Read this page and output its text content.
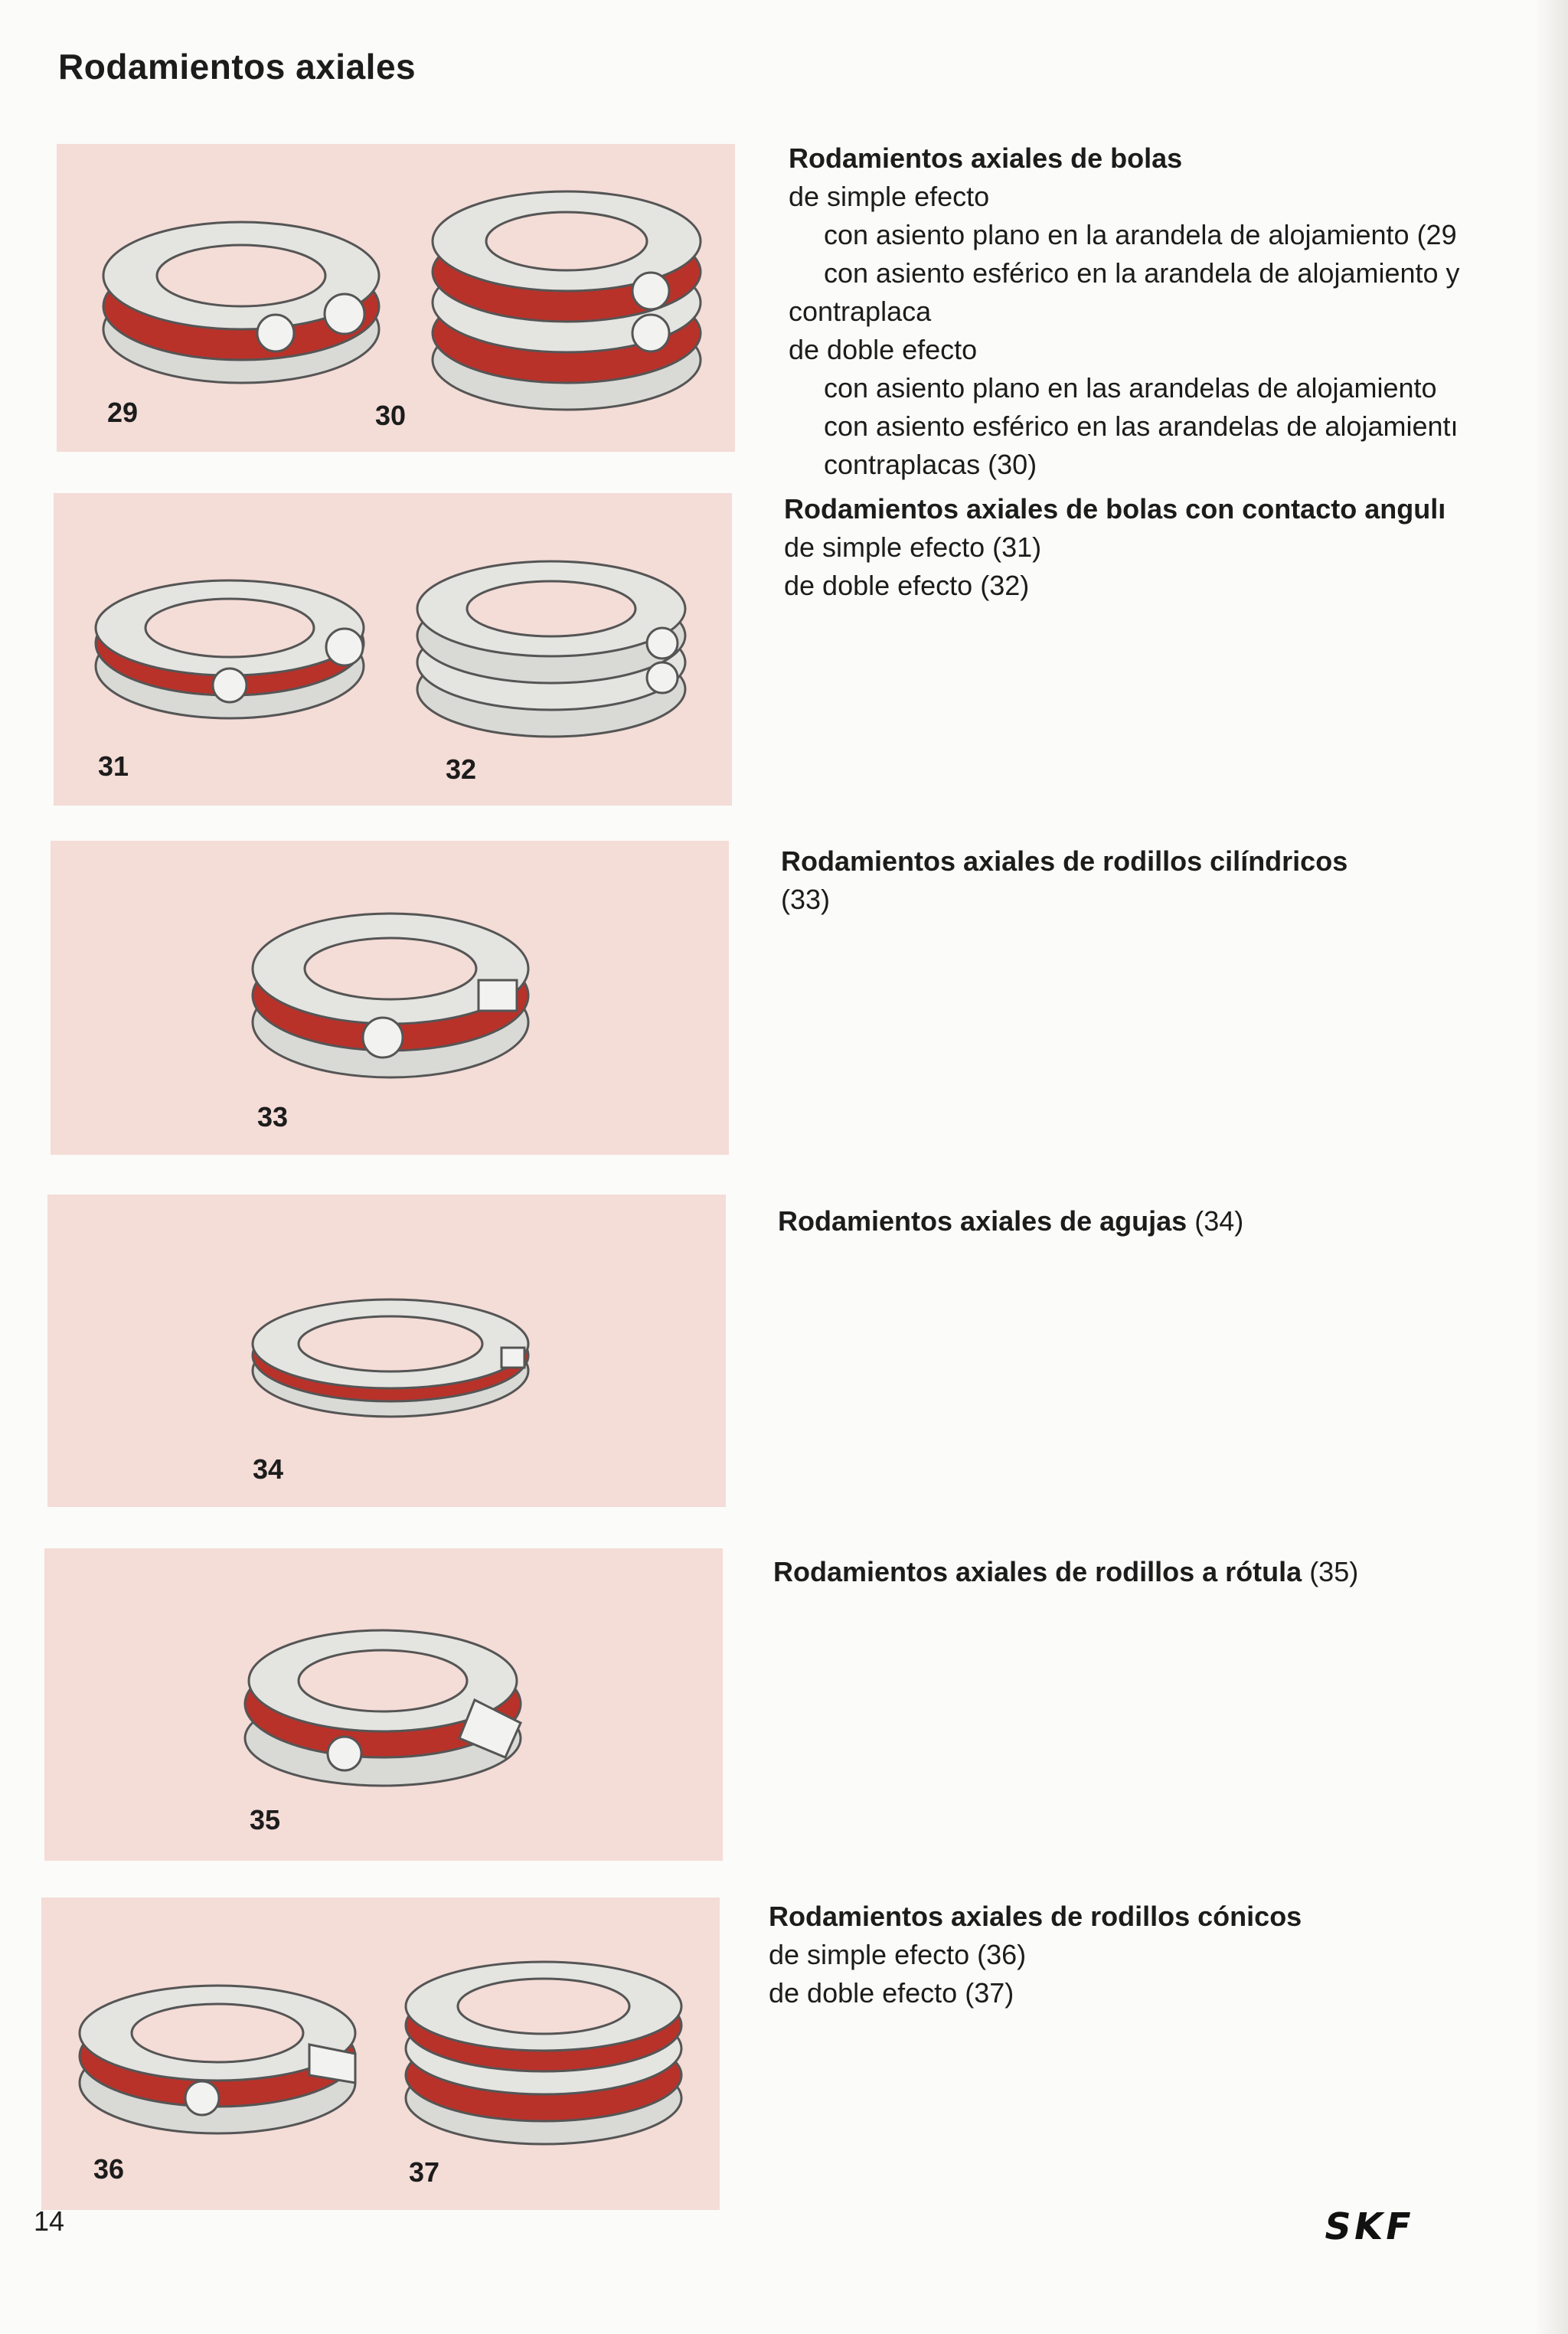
Rodamientos axiales
29	30
31	32
33
34
35
36	37
Rodamientos axiales de bolas
de simple efecto
con asiento plano en la arandela de alojamiento (29
con asiento esférico en la arandela de alojamiento y
contraplaca
de doble efecto
con asiento plano en las arandelas de alojamiento
con asiento esférico en las arandelas de alojamientı
contraplacas (30)
Rodamientos axiales de bolas con contacto angulı
de simple efecto (31)
de doble efecto (32)
Rodamientos axiales de rodillos cilíndricos
(33)
Rodamientos axiales de agujas (34)
Rodamientos axiales de rodillos a rótula (35)
Rodamientos axiales de rodillos cónicos
de simple efecto (36)
de doble efecto (37)
14	SKF
